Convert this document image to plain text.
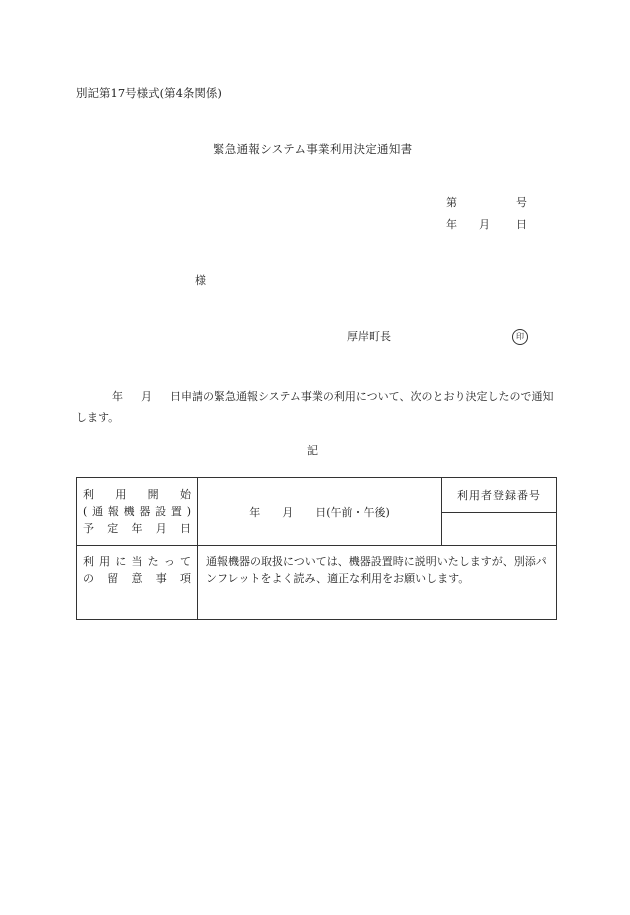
別記第17号様式(第4条関係)
緊急通報システム事業利用決定通知書
第	号
年 月 日
様
厚岸町長	印
年 月 日申請の緊急通報システム事業の利用について、次のとおり決定したので通知します。
記
利用開始
(通報機器設置)
予定年月日	年 月 日(午前・午後)	利用者登録番号

利用に当たって
の留意事項	通報機器の取扱については、機器設置時に説明いたしますが、別添パンフレットをよく読み、適正な利用をお願いします。	
